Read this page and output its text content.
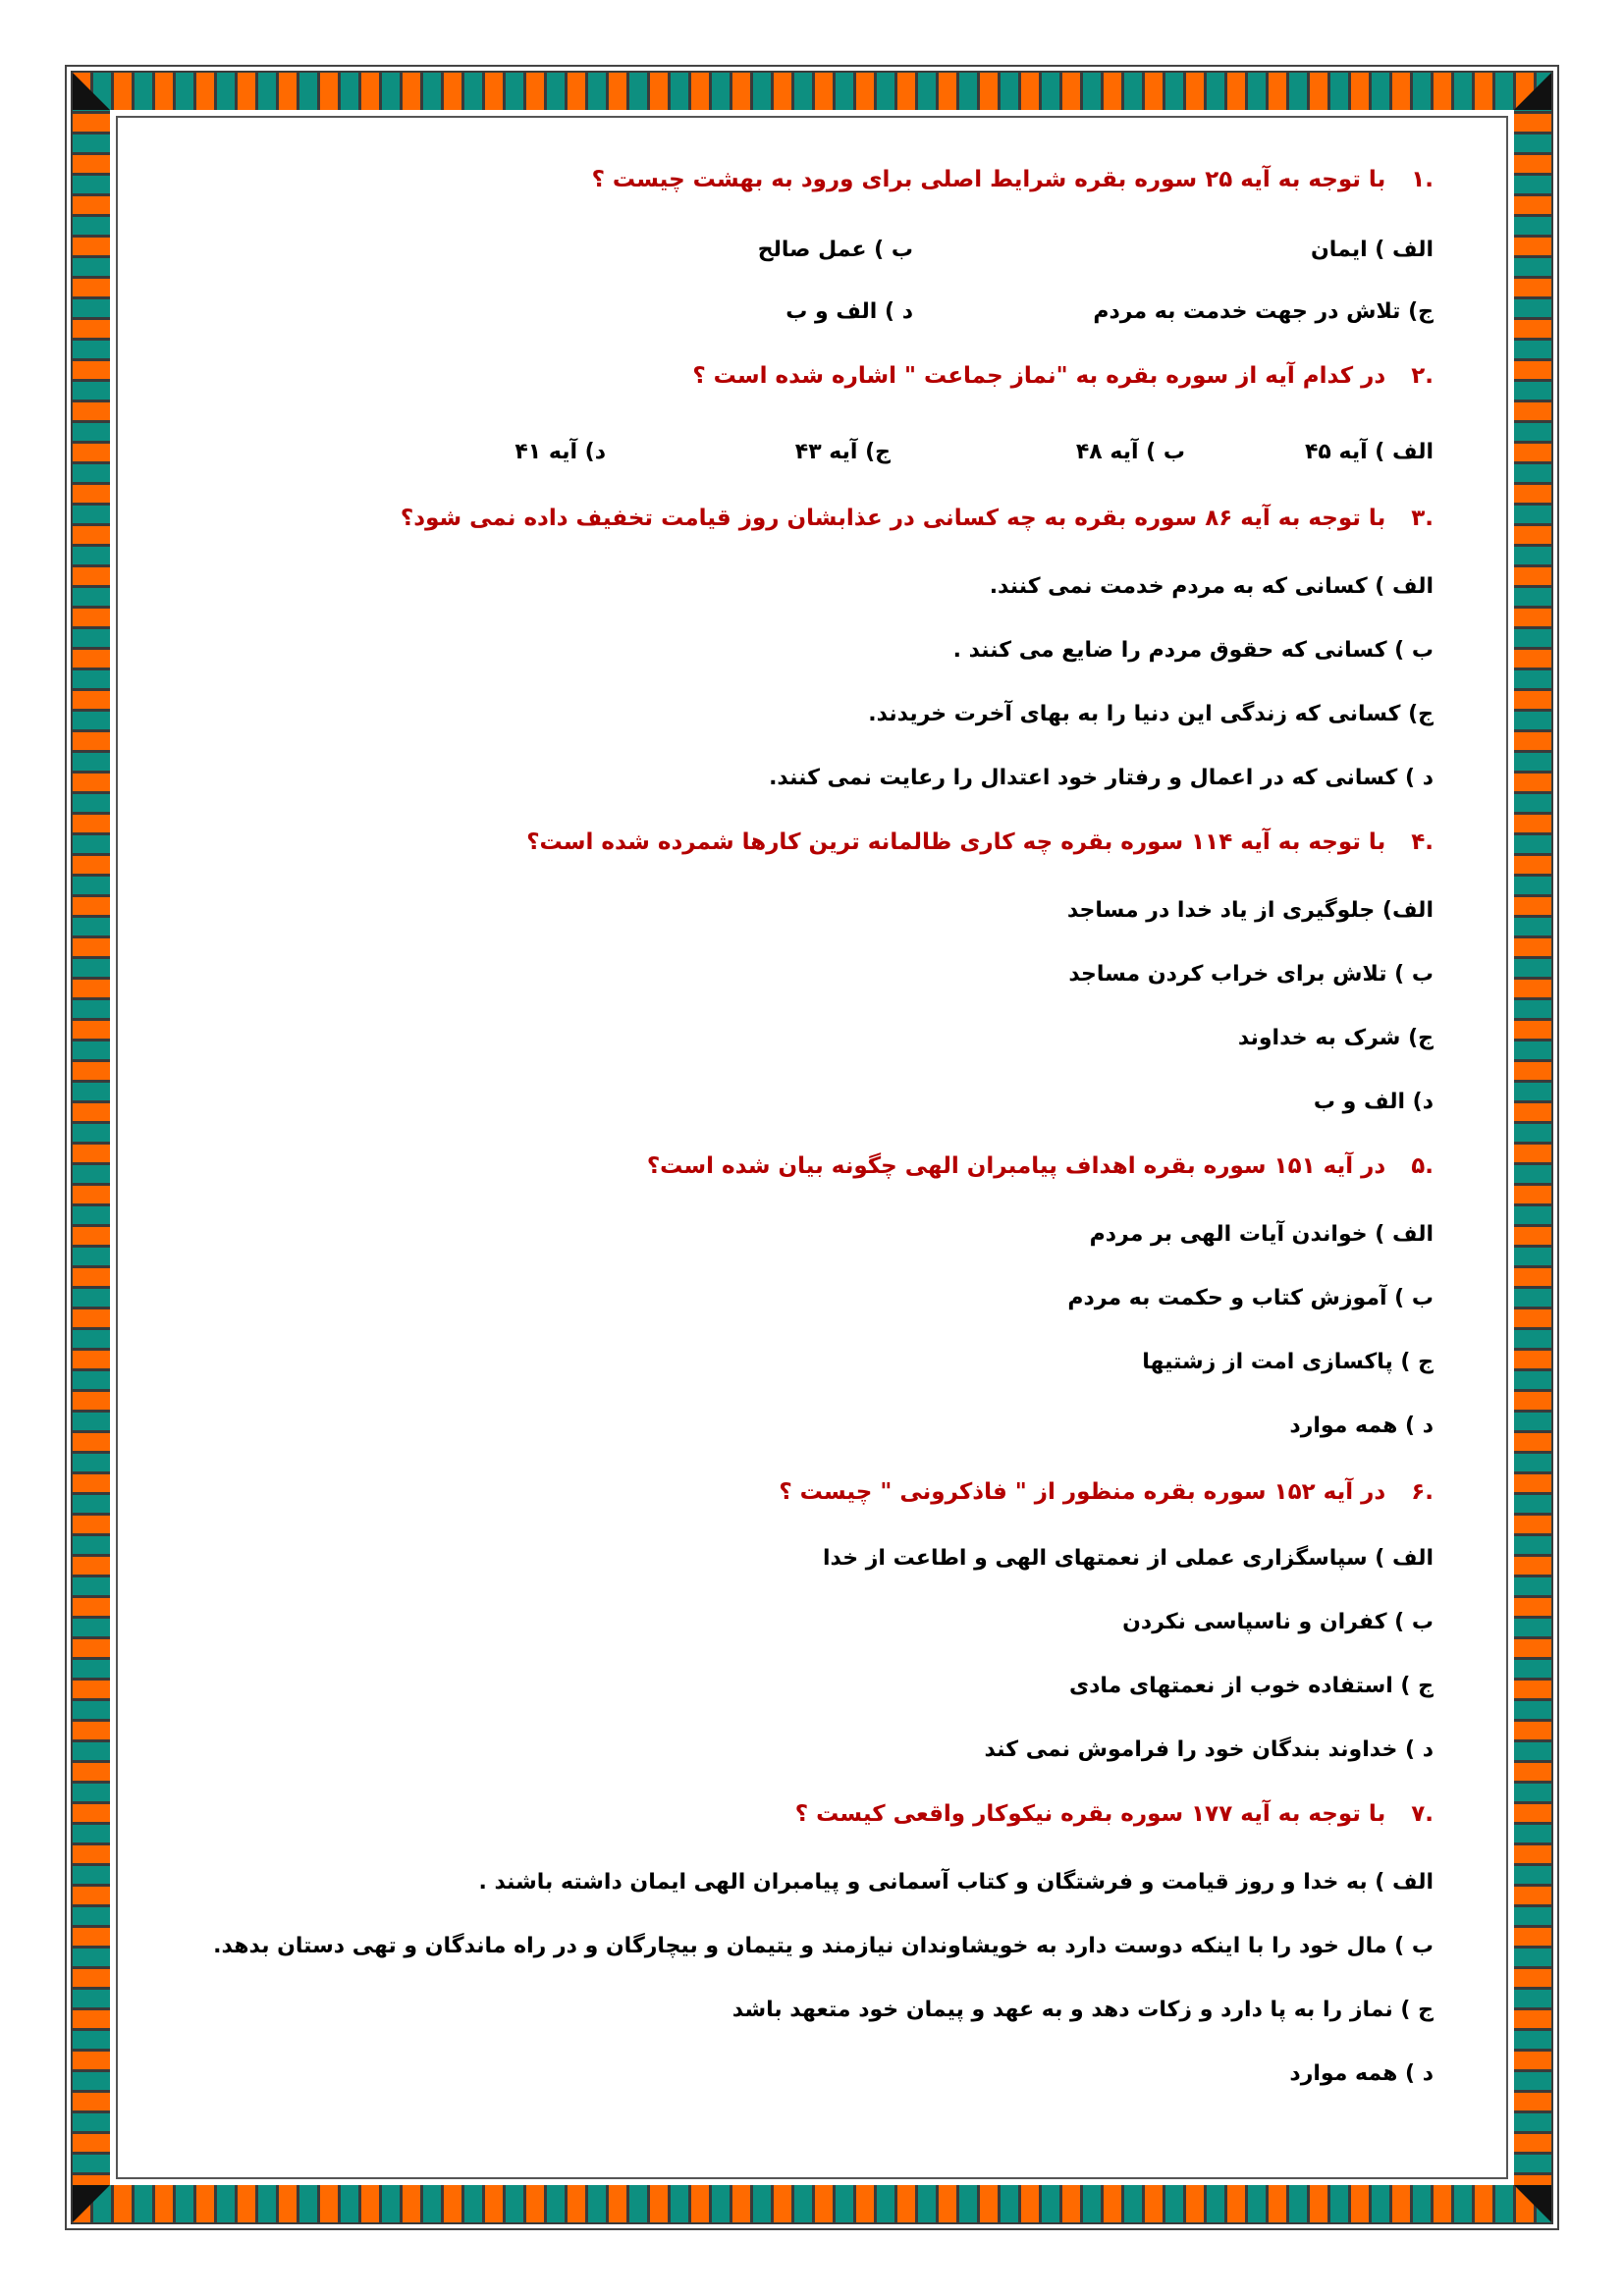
.۱با توجه به آیه ۲۵ سوره بقره شرایط اصلی برای ورود به بهشت چیست ؟
الف ) ایمان
ب ) عمل صالح
ج) تلاش در جهت خدمت به مردم
د ) الف و ب
.۲در کدام آیه از سوره بقره به "نماز جماعت " اشاره شده است ؟
الف ) آیه ۴۵
ب ) آیه ۴۸
ج) آیه ۴۳
د) آیه ۴۱
.۳با توجه به آیه ۸۶ سوره بقره به چه کسانی در عذابشان روز قیامت تخفیف داده نمی شود؟
الف ) کسانی که به مردم خدمت نمی کنند.
ب ) کسانی که حقوق مردم را ضایع می کنند .
ج) کسانی که زندگی این دنیا را به بهای آخرت خریدند.
د ) کسانی که در اعمال و رفتار خود اعتدال را رعایت نمی کنند.
.۴با توجه به آیه ۱۱۴ سوره بقره چه کاری ظالمانه ترین کارها شمرده شده است؟
الف) جلوگیری از یاد خدا در مساجد
ب ) تلاش برای خراب کردن مساجد
ج) شرک به خداوند
د) الف و ب
.۵در آیه ۱۵۱ سوره بقره اهداف پیامبران الهی چگونه بیان شده است؟
الف ) خواندن آیات الهی بر مردم
ب ) آموزش کتاب و حکمت به مردم
ج ) پاکسازی امت از زشتیها
د ) همه موارد
.۶در آیه ۱۵۲ سوره بقره منظور از " فاذکرونی " چیست ؟
الف ) سپاسگزاری عملی از نعمتهای الهی و اطاعت از خدا
ب ) کفران و ناسپاسی نکردن
ج ) استفاده خوب از نعمتهای مادی
د ) خداوند بندگان خود را فراموش نمی کند
.۷با توجه به آیه ۱۷۷ سوره بقره نیکوکار واقعی کیست ؟
الف ) به خدا و روز قیامت و فرشتگان و کتاب آسمانی و پیامبران الهی ایمان داشته باشند .
ب ) مال خود را با اینکه دوست دارد به خویشاوندان نیازمند و یتیمان و بیچارگان و در راه ماندگان و تهی دستان بدهد.
ج ) نماز را به پا دارد و زکات دهد و به عهد و پیمان خود متعهد باشد
د ) همه موارد
